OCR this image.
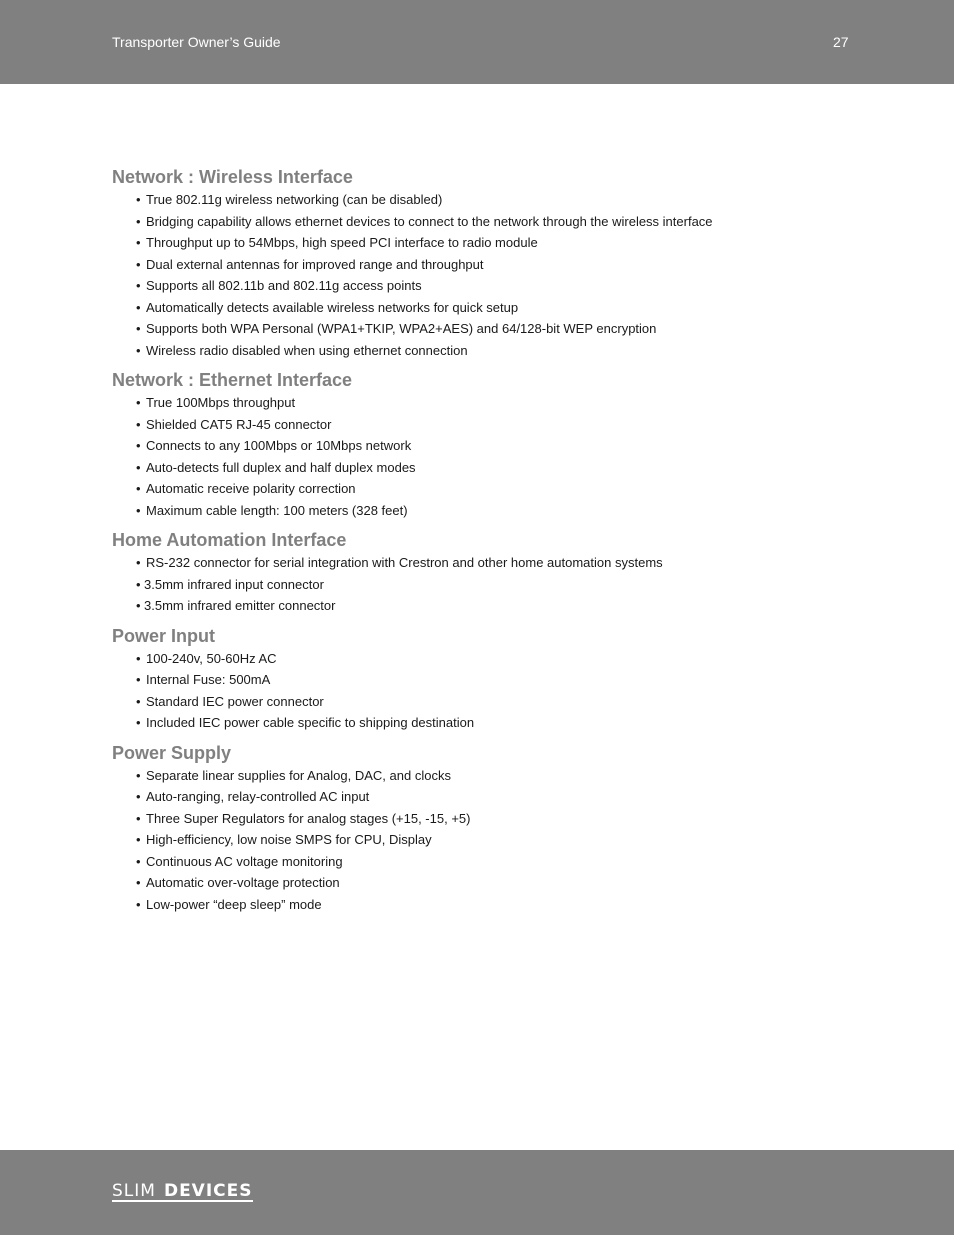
Transporter Owner’s Guide	27
Network : Wireless Interface
• True 802.11g wireless networking (can be disabled)
• Bridging capability allows ethernet devices to connect to the network through the wireless interface
• Throughput up to 54Mbps, high speed PCI interface to radio module
• Dual external antennas for improved range and throughput
• Supports all 802.11b and 802.11g access points
• Automatically detects available wireless networks for quick setup
• Supports both WPA Personal (WPA1+TKIP, WPA2+AES) and 64/128-bit WEP encryption
• Wireless radio disabled when using ethernet connection
Network : Ethernet Interface
• True 100Mbps throughput
• Shielded CAT5 RJ-45 connector
• Connects to any 100Mbps or 10Mbps network
• Auto-detects full duplex and half duplex modes
• Automatic receive polarity correction
• Maximum cable length: 100 meters (328 feet)
Home Automation Interface
• RS-232 connector for serial integration with Crestron and other home automation systems
• 3.5mm infrared input connector
• 3.5mm infrared emitter connector
Power Input
• 100-240v, 50-60Hz AC
• Internal Fuse: 500mA
• Standard IEC power connector
• Included IEC power cable specific to shipping destination
Power Supply
• Separate linear supplies for Analog, DAC, and clocks
• Auto-ranging, relay-controlled AC input
• Three Super Regulators for analog stages (+15, -15, +5)
• High-efficiency, low noise SMPS for CPU, Display
• Continuous AC voltage monitoring
• Automatic over-voltage protection
• Low-power “deep sleep” mode
SLIM DEVICES
